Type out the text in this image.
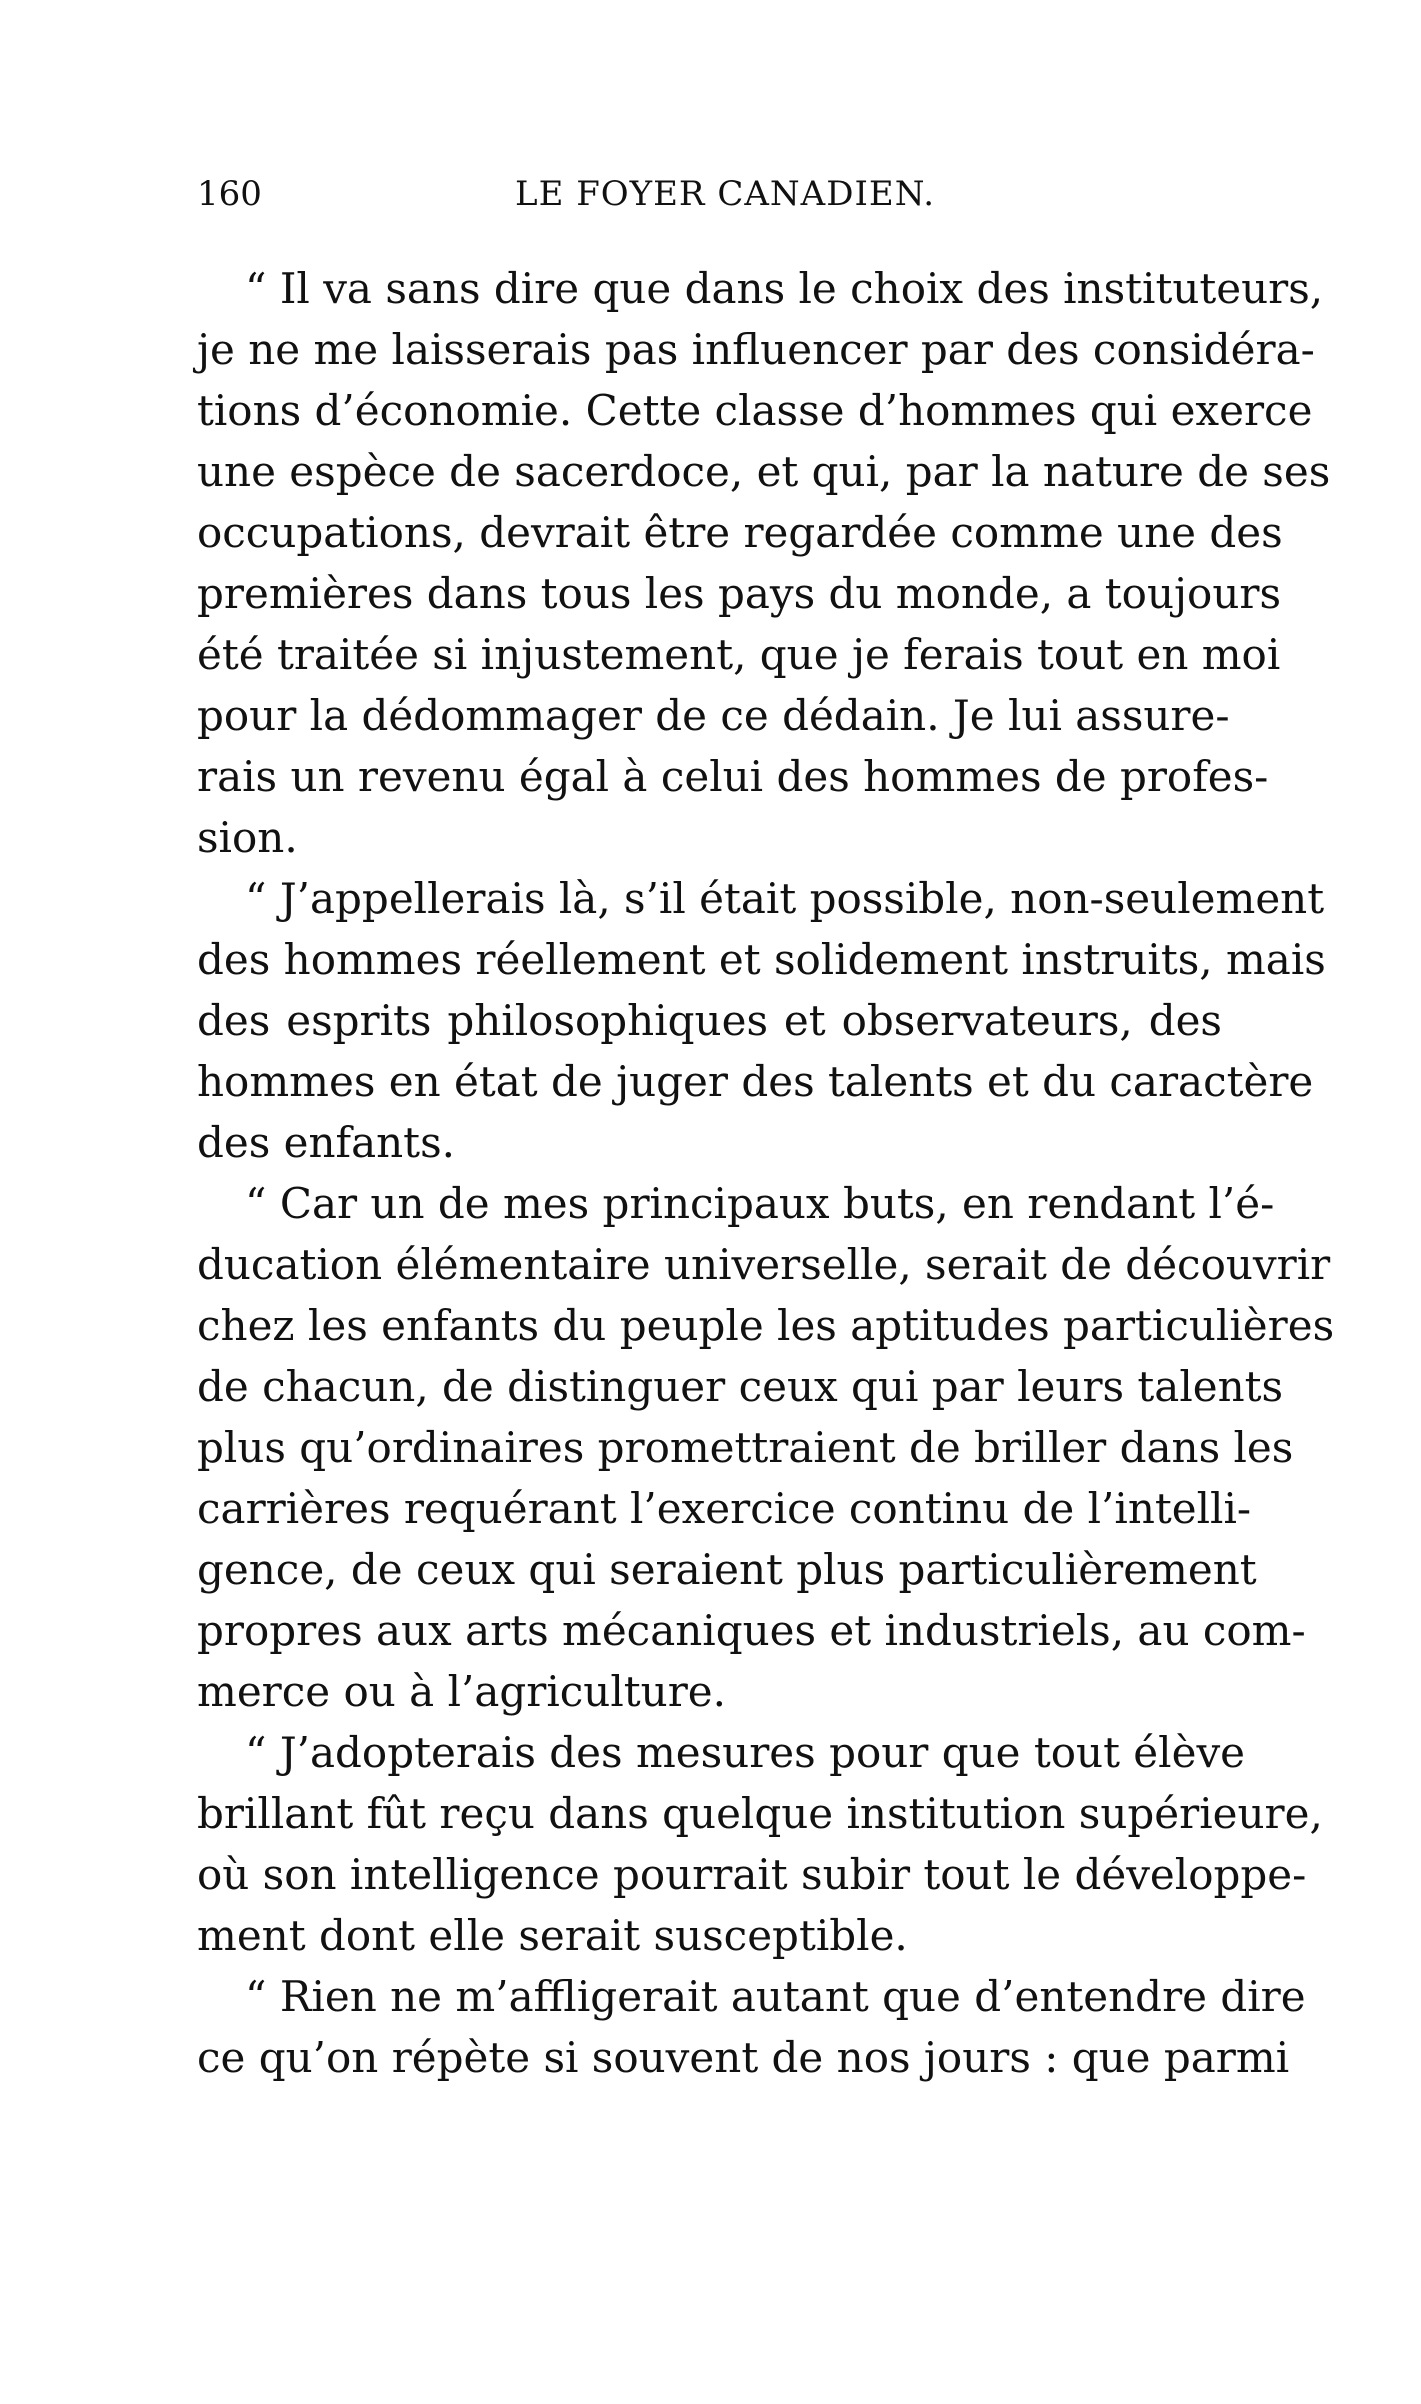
160	LE FOYER CANADIEN.

“ Il va sans dire que dans le choix des instituteurs,
je ne me laisserais pas influencer par des considéra-
tions d’économie. Cette classe d’hommes qui exerce
une espèce de sacerdoce, et qui, par la nature de ses
occupations, devrait être regardée comme une des
premières dans tous les pays du monde, a toujours
été traitée si injustement, que je ferais tout en moi
pour la dédommager de ce dédain. Je lui assure-
rais un revenu égal à celui des hommes de profes-
sion.

“ J’appellerais là, s’il était possible, non-seulement
des hommes réellement et solidement instruits, mais
des esprits philosophiques et observateurs, des
hommes en état de juger des talents et du caractère
des enfants.

“ Car un de mes principaux buts, en rendant l’é-
ducation élémentaire universelle, serait de découvrir
chez les enfants du peuple les aptitudes particulières
de chacun, de distinguer ceux qui par leurs talents
plus qu’ordinaires promettraient de briller dans les
carrières requérant l’exercice continu de l’intelli-
gence, de ceux qui seraient plus particulièrement
propres aux arts mécaniques et industriels, au com-
merce ou à l’agriculture.

“ J’adopterais des mesures pour que tout élève
brillant fût reçu dans quelque institution supérieure,
où son intelligence pourrait subir tout le développe-
ment dont elle serait susceptible.

“ Rien ne m’affligerait autant que d’entendre dire
ce qu’on répète si souvent de nos jours : que parmi
